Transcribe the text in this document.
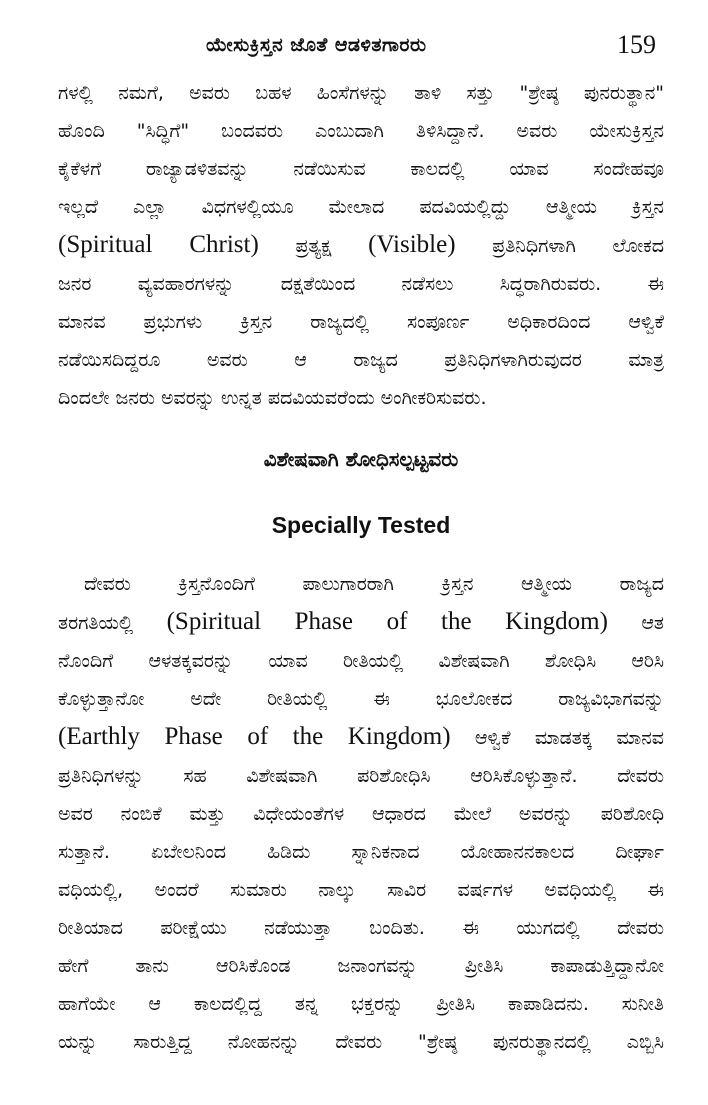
ಯೇಸುಕ್ರಿಸ್ತನ ಜೊತೆ ಆಡಳಿತಗಾರರು	159

ಗಳಲ್ಲಿ ನಮಗೆ, ಅವರು ಬಹಳ ಹಿಂಸೆಗಳನ್ನು ತಾಳಿ ಸತ್ತು "ಶ್ರೇಷ್ಠ ಪುನರುತ್ಥಾನ"
ಹೊಂದಿ "ಸಿದ್ಧಿಗೆ" ಬಂದವರು ಎಂಬುದಾಗಿ ತಿಳಿಸಿದ್ದಾನೆ. ಅವರು ಯೇಸುಕ್ರಿಸ್ತನ
ಕೈಕೆಳಗೆ ರಾಜ್ಯಾಡಳಿತವನ್ನು ನಡೆಯಿಸುವ ಕಾಲದಲ್ಲಿ ಯಾವ ಸಂದೇಹವೂ
ಇಲ್ಲದೆ ಎಲ್ಲಾ ವಿಧಗಳಲ್ಲಿಯೂ ಮೇಲಾದ ಪದವಿಯಲ್ಲಿದ್ದು ಆತ್ಮೀಯ ಕ್ರಿಸ್ತನ
(Spiritual Christ) ಪ್ರತ್ಯಕ್ಷ (Visible) ಪ್ರತಿನಿಧಿಗಳಾಗಿ ಲೋಕದ
ಜನರ ವ್ಯವಹಾರಗಳನ್ನು ದಕ್ಷತೆಯಿಂದ ನಡೆಸಲು ಸಿದ್ಧರಾಗಿರುವರು. ಈ
ಮಾನವ ಪ್ರಭುಗಳು ಕ್ರಿಸ್ತನ ರಾಜ್ಯದಲ್ಲಿ ಸಂಪೂರ್ಣ ಅಧಿಕಾರದಿಂದ ಆಳ್ವಿಕೆ
ನಡೆಯಿಸದಿದ್ದರೂ ಅವರು ಆ ರಾಜ್ಯದ ಪ್ರತಿನಿಧಿಗಳಾಗಿರುವುದರ ಮಾತ್ರ
ದಿಂದಲೇ ಜನರು ಅವರನ್ನು ಉನ್ನತ ಪದವಿಯವರೆಂದು ಅಂಗೀಕರಿಸುವರು.

ವಿಶೇಷವಾಗಿ ಶೋಧಿಸಲ್ಪಟ್ಟವರು
Specially Tested

ದೇವರು ಕ್ರಿಸ್ತನೊಂದಿಗೆ ಪಾಲುಗಾರರಾಗಿ ಕ್ರಿಸ್ತನ ಆತ್ಮೀಯ ರಾಜ್ಯದ
ತರಗತಿಯಲ್ಲಿ (Spiritual Phase of the Kingdom) ಆತ
ನೊಂದಿಗೆ ಆಳತಕ್ಕವರನ್ನು ಯಾವ ರೀತಿಯಲ್ಲಿ ವಿಶೇಷವಾಗಿ ಶೋಧಿಸಿ ಆರಿಸಿ
ಕೊಳ್ಳುತ್ತಾನೋ ಅದೇ ರೀತಿಯಲ್ಲಿ ಈ ಭೂಲೋಕದ ರಾಜ್ಯವಿಭಾಗವನ್ನು
(Earthly Phase of the Kingdom) ಆಳ್ವಿಕೆ ಮಾಡತಕ್ಕ ಮಾನವ
ಪ್ರತಿನಿಧಿಗಳನ್ನು ಸಹ ವಿಶೇಷವಾಗಿ ಪರಿಶೋಧಿಸಿ ಆರಿಸಿಕೊಳ್ಳುತ್ತಾನೆ. ದೇವರು
ಅವರ ನಂಬಿಕೆ ಮತ್ತು ವಿಧೇಯಂತೆಗಳ ಆಧಾರದ ಮೇಲೆ ಅವರನ್ನು ಪರಿಶೋಧಿ
ಸುತ್ತಾನೆ. ಏಬೇಲನಿಂದ ಹಿಡಿದು ಸ್ನಾನಿಕನಾದ ಯೋಹಾನನಕಾಲದ ದೀರ್ಘಾ
ವಧಿಯಲ್ಲಿ, ಅಂದರೆ ಸುಮಾರು ನಾಲ್ಕು ಸಾವಿರ ವರ್ಷಗಳ ಅವಧಿಯಲ್ಲಿ ಈ
ರೀತಿಯಾದ ಪರೀಕ್ಷೆಯು ನಡೆಯುತ್ತಾ ಬಂದಿತು. ಈ ಯುಗದಲ್ಲಿ ದೇವರು
ಹೇಗೆ ತಾನು ಆರಿಸಿಕೊಂಡ ಜನಾಂಗವನ್ನು ಪ್ರೀತಿಸಿ ಕಾಪಾಡುತ್ತಿದ್ದಾನೋ
ಹಾಗೆಯೇ ಆ ಕಾಲದಲ್ಲಿದ್ದ ತನ್ನ ಭಕ್ತರನ್ನು ಪ್ರೀತಿಸಿ ಕಾಪಾಡಿದನು. ಸುನೀತಿ
ಯನ್ನು ಸಾರುತ್ತಿದ್ದ ನೋಹನನ್ನು ದೇವರು "ಶ್ರೇಷ್ಠ ಪುನರುತ್ಥಾನದಲ್ಲಿ ಎಬ್ಬಿಸಿ
